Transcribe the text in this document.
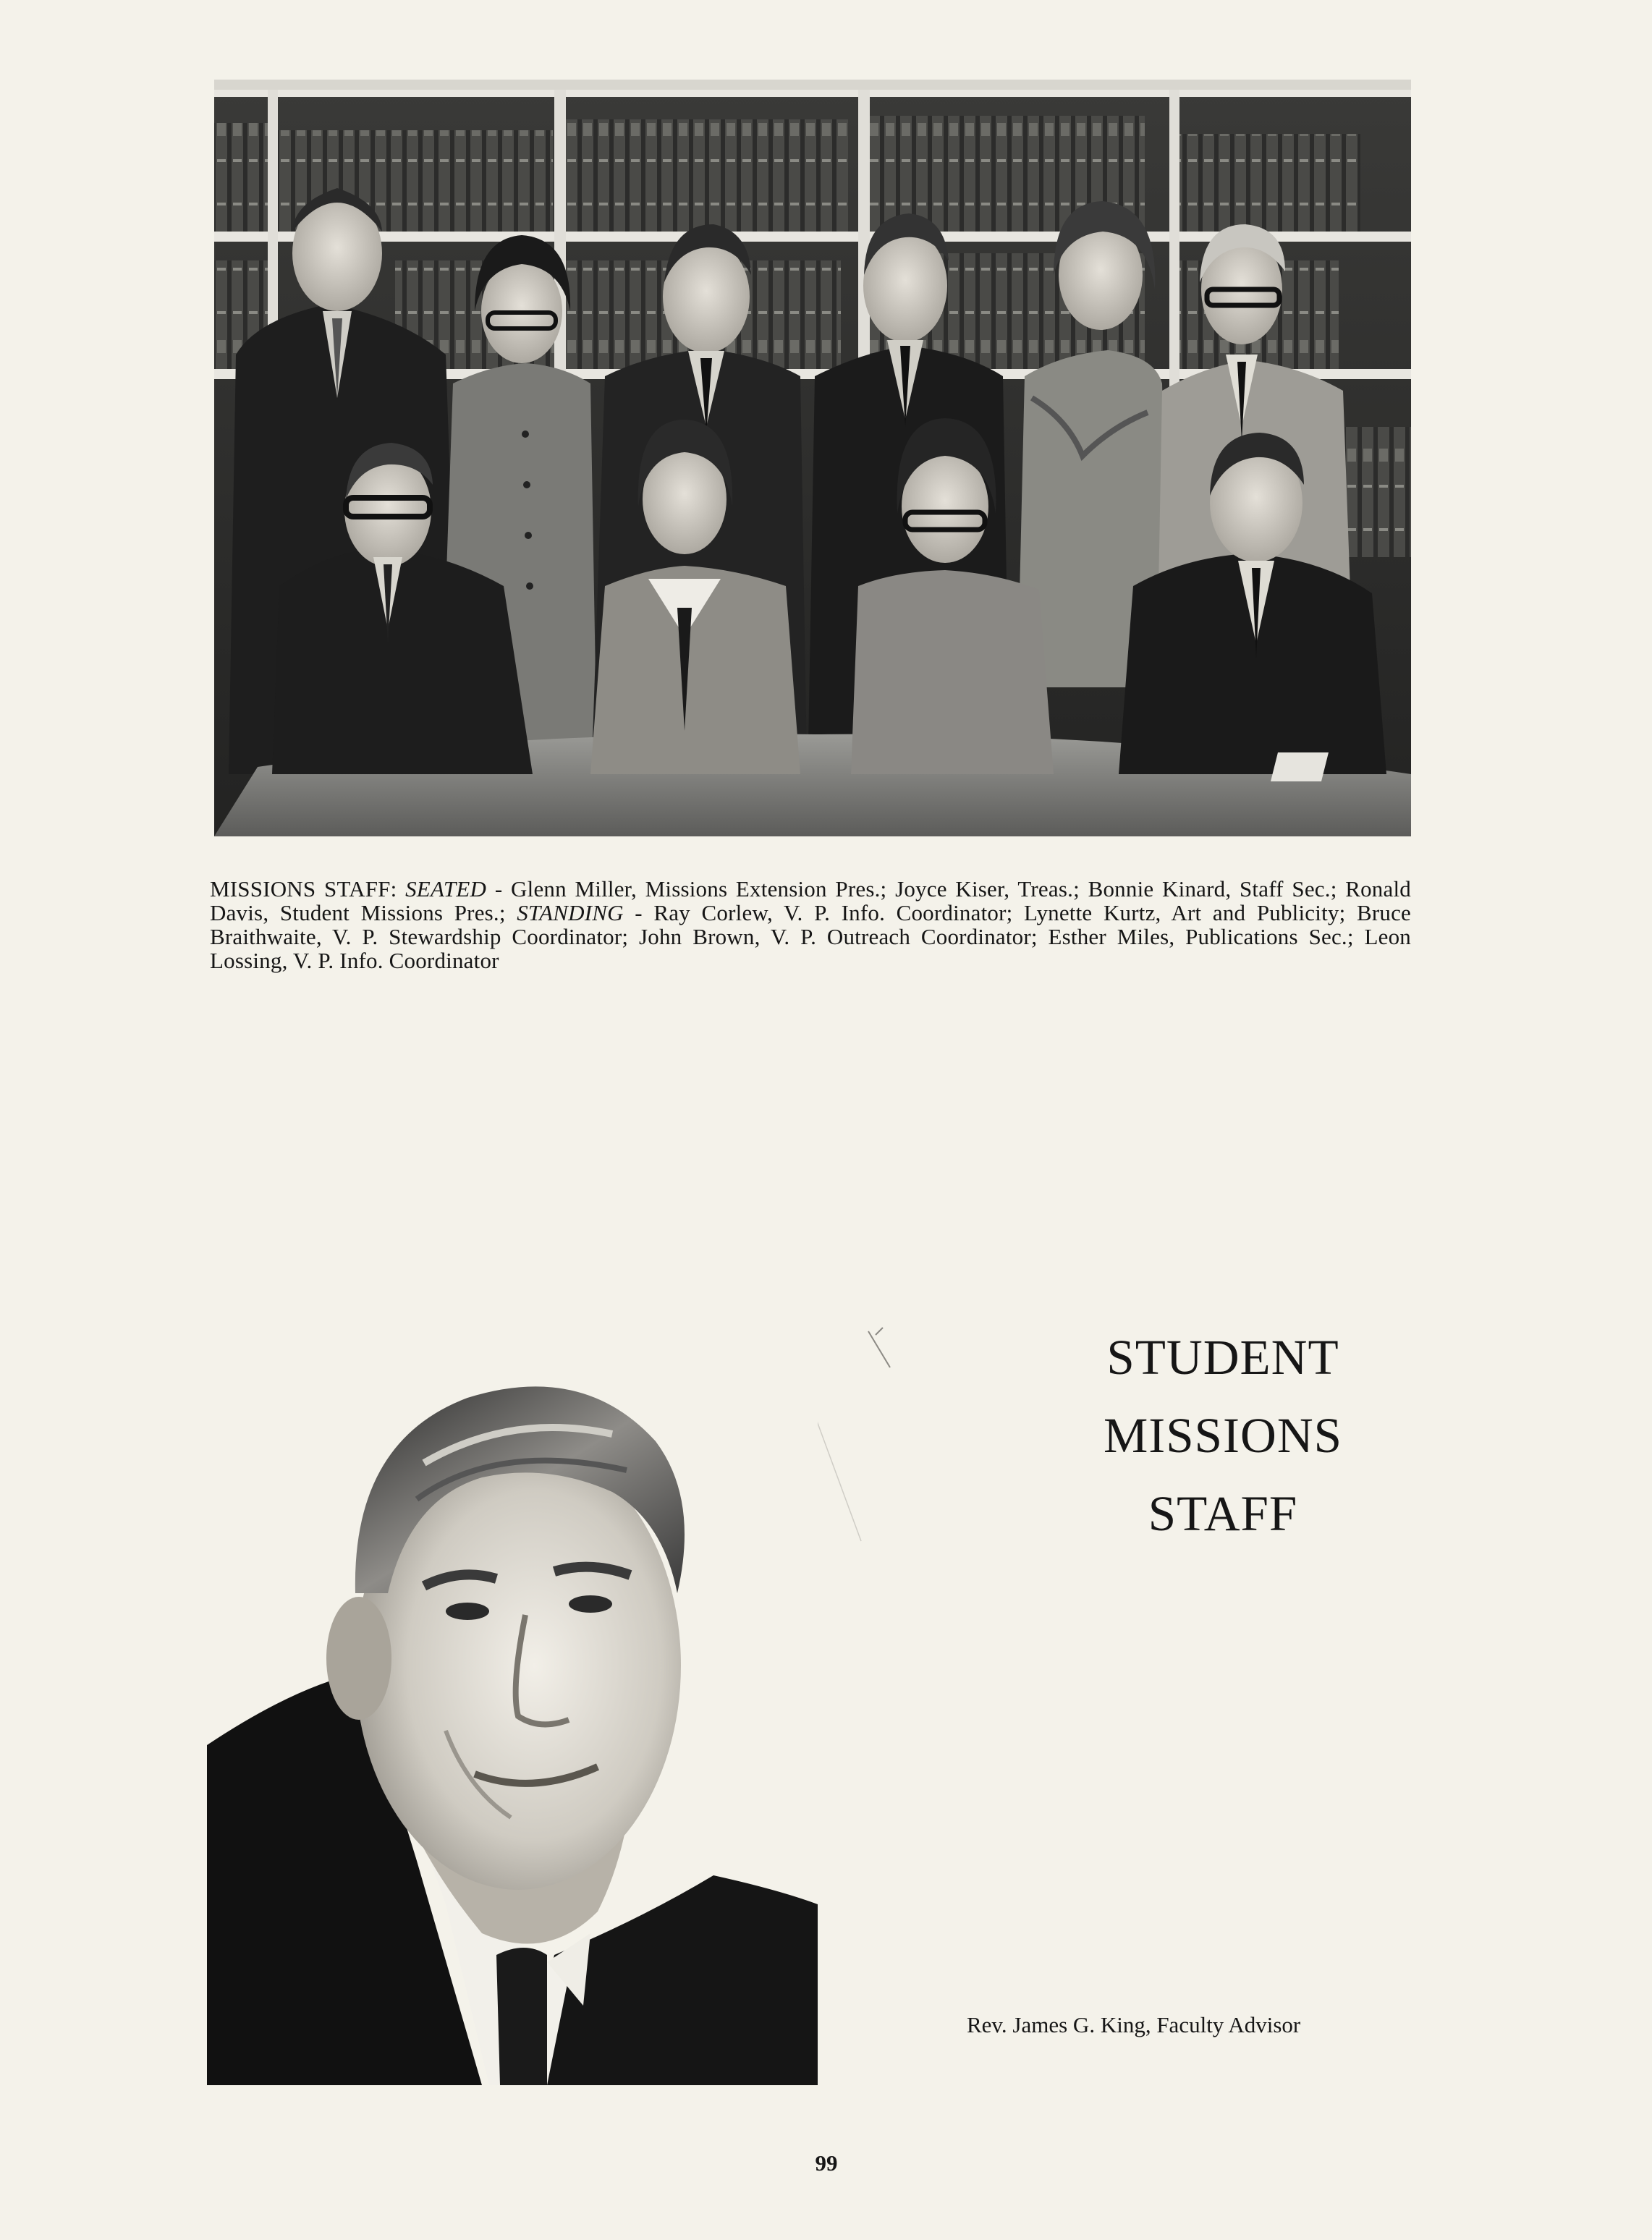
MISSIONS STAFF: SEATED - Glenn Miller, Missions Extension Pres.; Joyce Kiser, Treas.; Bonnie Kinard, Staff Sec.; Ronald Davis, Student Missions Pres.; STANDING - Ray Corlew, V. P. Info. Coordinator; Lynette Kurtz, Art and Publicity; Bruce Braithwaite, V. P. Stewardship Coordinator; John Brown, V. P. Outreach Coordinator; Esther Miles, Publications Sec.; Leon Lossing, V. P. Info. Coordinator
STUDENT
MISSIONS
STAFF
Rev. James G. King, Faculty Advisor
99
